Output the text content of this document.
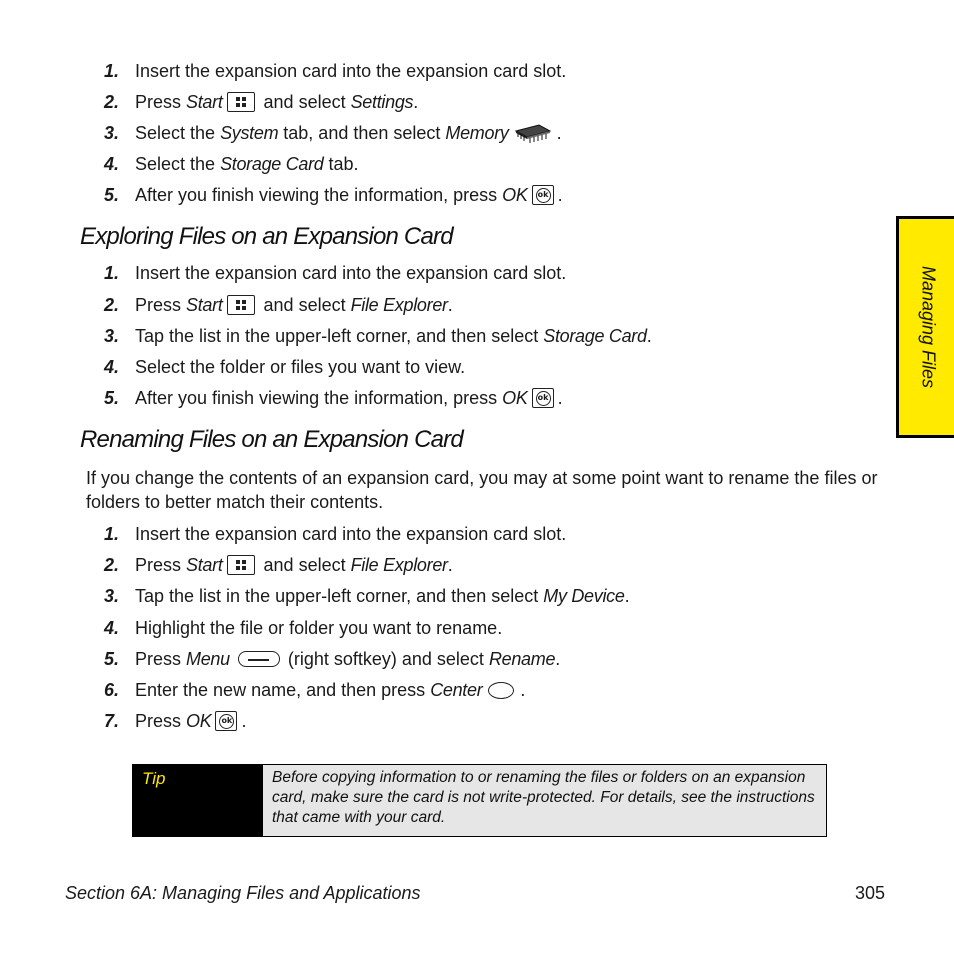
1. Insert the expansion card into the expansion card slot.
2. Press Start and select Settings.
3. Select the System tab, and then select Memory	.
4. Select the Storage Card tab.
5. After you finish viewing the information, press OK ok .
Exploring Files on an Expansion Card
1. Insert the expansion card into the expansion card slot.
2. Press Start and select File Explorer.
3. Tap the list in the upper-left corner, and then select Storage Card.
4. Select the folder or files you want to view.
5. After you finish viewing the information, press OK ok .
Renaming Files on an Expansion Card
If you change the contents of an expansion card, you may at some point want to rename the files or folders to better match their contents.
1. Insert the expansion card into the expansion card slot.
2. Press Start and select File Explorer.
3. Tap the list in the upper-left corner, and then select My Device.
4. Highlight the file or folder you want to rename.
5. Press Menu	(right softkey) and select Rename.
6. Enter the new name, and then press Center .
7. Press OK ok .
Tip	Before copying information to or renaming the files or folders on an expansion card, make sure the card is not write-protected. For details, see the instructions that came with your card.
Managing Files
Section 6A: Managing Files and Applications	305
